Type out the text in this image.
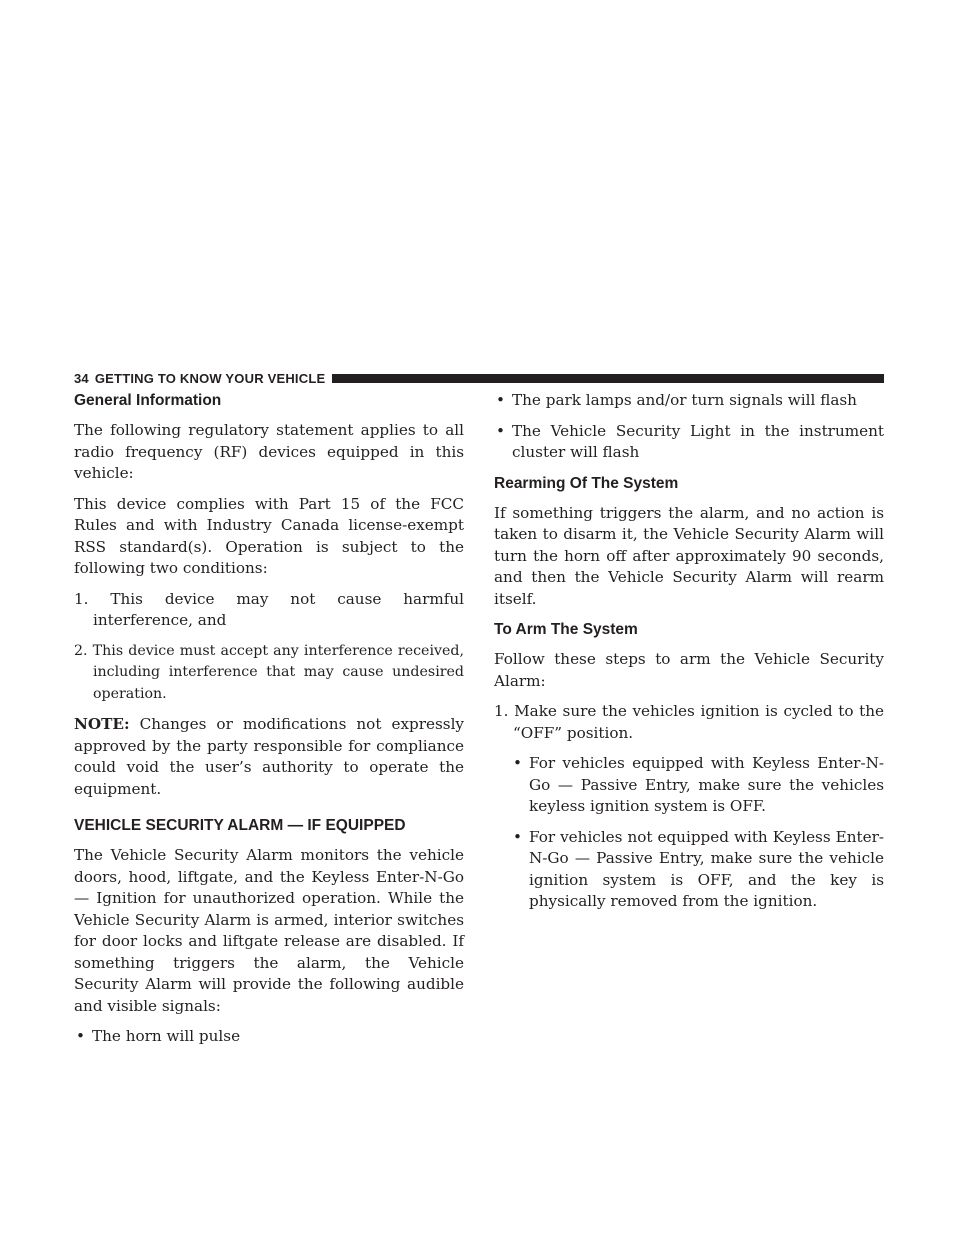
34 GETTING TO KNOW YOUR VEHICLE
General Information

The following regulatory statement applies to all radio frequency (RF) devices equipped in this vehicle:

This device complies with Part 15 of the FCC Rules and with Industry Canada license-exempt RSS standard(s). Operation is subject to the following two conditions:

1. This device may not cause harmful interference, and
2. This device must accept any interference received, including interference that may cause undesired operation.

NOTE: Changes or modifications not expressly approved by the party responsible for compliance could void the user’s authority to operate the equipment.

VEHICLE SECURITY ALARM — IF EQUIPPED

The Vehicle Security Alarm monitors the vehicle doors, hood, liftgate, and the Keyless Enter-N-Go — Ignition for unauthorized operation. While the Vehicle Security Alarm is armed, interior switches for door locks and liftgate release are disabled. If something triggers the alarm, the Vehicle Security Alarm will provide the following audible and visible signals:

• The horn will pulse
• The park lamps and/or turn signals will flash
• The Vehicle Security Light in the instrument cluster will flash
Rearming Of The System

If something triggers the alarm, and no action is taken to disarm it, the Vehicle Security Alarm will turn the horn off after approximately 90 seconds, and then the Vehicle Security Alarm will rearm itself.

To Arm The System

Follow these steps to arm the Vehicle Security Alarm:

1. Make sure the vehicles ignition is cycled to the “OFF” position.
• For vehicles equipped with Keyless Enter-N-Go — Passive Entry, make sure the vehicles keyless ignition system is OFF.
• For vehicles not equipped with Keyless Enter-N-Go — Passive Entry, make sure the vehicle ignition system is OFF, and the key is physically removed from the ignition.
